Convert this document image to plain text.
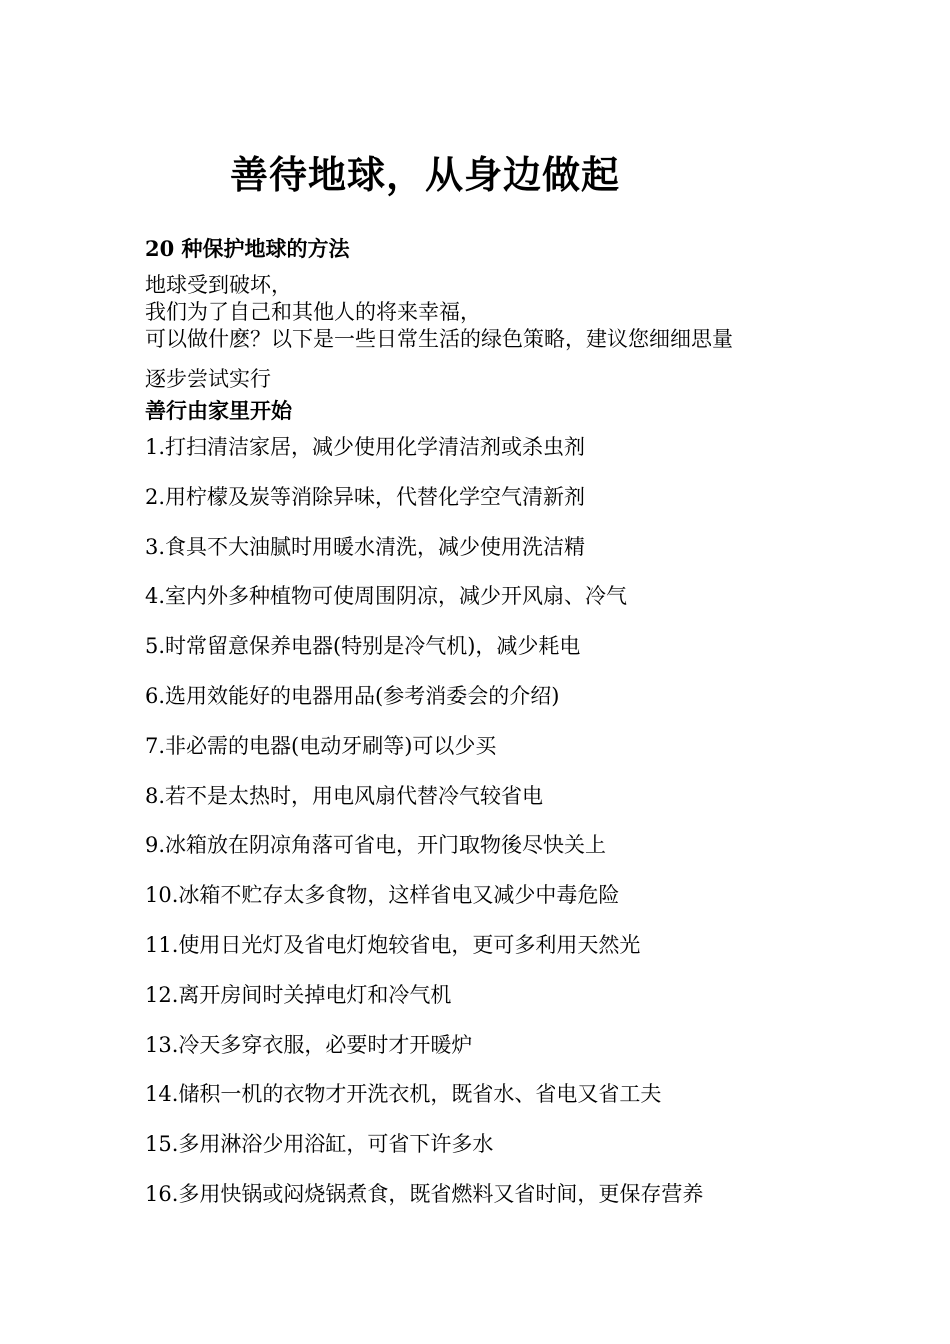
善待地球，从身边做起
20 种保护地球的方法
地球受到破坏，
我们为了自己和其他人的将来幸福，
可以做什麽？以下是一些日常生活的绿色策略，建议您细细思量
逐步尝试实行
善行由家里开始
1.打扫清洁家居，减少使用化学清洁剂或杀虫剂
2.用柠檬及炭等消除异味，代替化学空气清新剂
3.食具不大油腻时用暖水清洗，减少使用洗洁精
4.室内外多种植物可使周围阴凉，减少开风扇、冷气
5.时常留意保养电器(特别是冷气机)，减少耗电
6.选用效能好的电器用品(参考消委会的介绍)
7.非必需的电器(电动牙刷等)可以少买
8.若不是太热时，用电风扇代替冷气较省电
9.冰箱放在阴凉角落可省电，开门取物後尽快关上
10.冰箱不贮存太多食物，这样省电又减少中毒危险
11.使用日光灯及省电灯炮较省电，更可多利用天然光
12.离开房间时关掉电灯和冷气机
13.冷天多穿衣服，必要时才开暖炉
14.储积一机的衣物才开洗衣机，既省水、省电又省工夫
15.多用淋浴少用浴缸，可省下许多水
16.多用快锅或闷烧锅煮食，既省燃料又省时间，更保存营养
